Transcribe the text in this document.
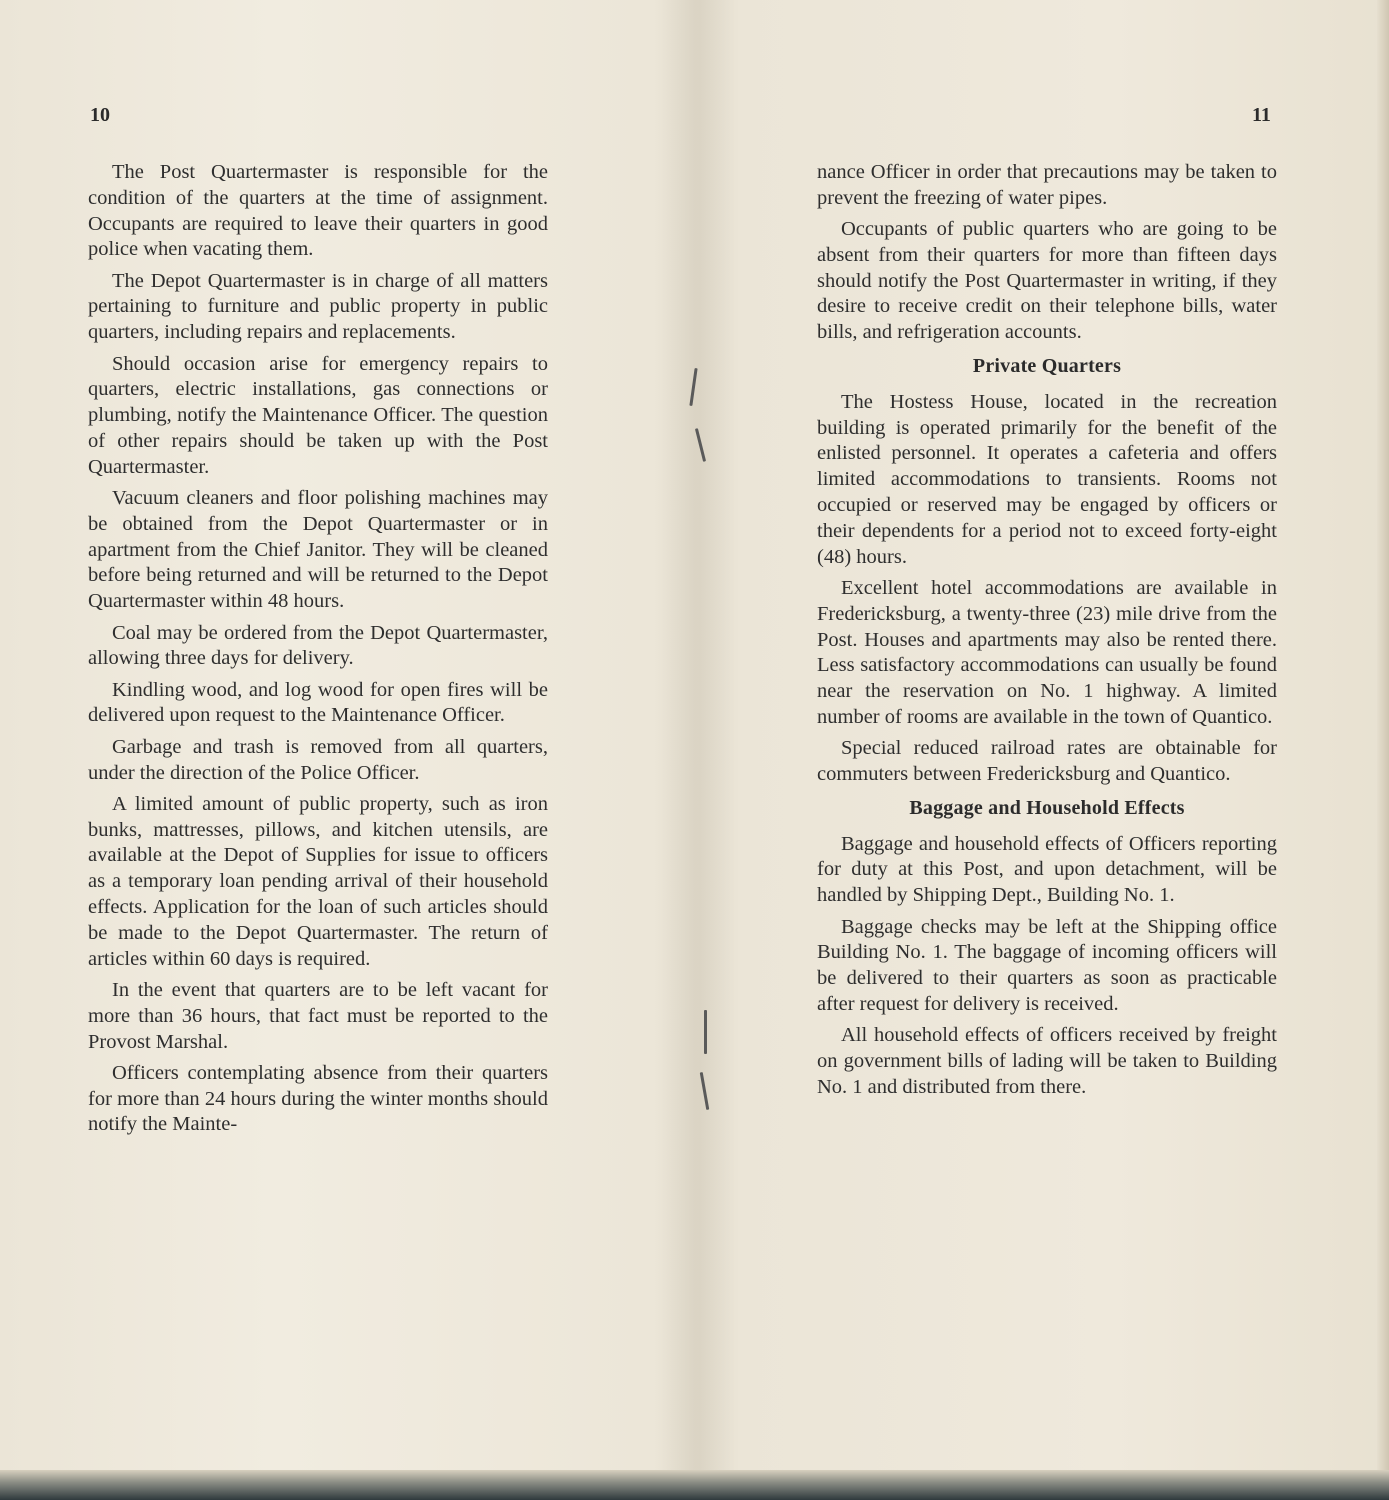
10

The Post Quartermaster is responsible for the condition of the quarters at the time of assignment. Occupants are required to leave their quarters in good police when vacating them.

The Depot Quartermaster is in charge of all matters pertaining to furniture and public property in public quarters, including repairs and replacements.

Should occasion arise for emergency repairs to quarters, electric installations, gas connections or plumbing, notify the Maintenance Officer. The question of other repairs should be taken up with the Post Quartermaster.

Vacuum cleaners and floor polishing machines may be obtained from the Depot Quartermaster or in apartment from the Chief Janitor. They will be cleaned before being returned and will be returned to the Depot Quartermaster within 48 hours.

Coal may be ordered from the Depot Quartermaster, allowing three days for delivery.

Kindling wood, and log wood for open fires will be delivered upon request to the Maintenance Officer.

Garbage and trash is removed from all quarters, under the direction of the Police Officer.

A limited amount of public property, such as iron bunks, mattresses, pillows, and kitchen utensils, are available at the Depot of Supplies for issue to officers as a temporary loan pending arrival of their household effects. Application for the loan of such articles should be made to the Depot Quartermaster. The return of articles within 60 days is required.

In the event that quarters are to be left vacant for more than 36 hours, that fact must be reported to the Provost Marshal.

Officers contemplating absence from their quarters for more than 24 hours during the winter months should notify the Mainte-

11

nance Officer in order that precautions may be taken to prevent the freezing of water pipes.

Occupants of public quarters who are going to be absent from their quarters for more than fifteen days should notify the Post Quartermaster in writing, if they desire to receive credit on their telephone bills, water bills, and refrigeration accounts.

Private Quarters

The Hostess House, located in the recreation building is operated primarily for the benefit of the enlisted personnel. It operates a cafeteria and offers limited accommodations to transients. Rooms not occupied or reserved may be engaged by officers or their dependents for a period not to exceed forty-eight (48) hours.

Excellent hotel accommodations are available in Fredericksburg, a twenty-three (23) mile drive from the Post. Houses and apartments may also be rented there. Less satisfactory accommodations can usually be found near the reservation on No. 1 highway. A limited number of rooms are available in the town of Quantico.

Special reduced railroad rates are obtainable for commuters between Fredericksburg and Quantico.

Baggage and Household Effects

Baggage and household effects of Officers reporting for duty at this Post, and upon detachment, will be handled by Shipping Dept., Building No. 1.

Baggage checks may be left at the Shipping office Building No. 1. The baggage of incoming officers will be delivered to their quarters as soon as practicable after request for delivery is received.

All household effects of officers received by freight on government bills of lading will be taken to Building No. 1 and distributed from there.
